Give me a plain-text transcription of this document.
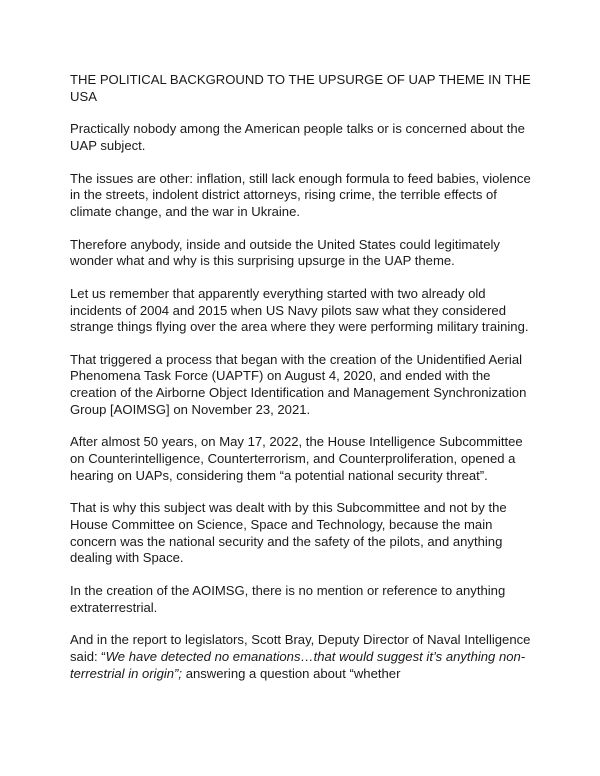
THE POLITICAL BACKGROUND TO THE UPSURGE OF UAP THEME IN THE USA

Practically nobody among the American people talks or is concerned about the UAP subject.

The issues are other: inflation, still lack enough formula to feed babies, violence in the streets, indolent district attorneys, rising crime, the terrible effects of climate change, and the war in Ukraine.

Therefore anybody, inside and outside the United States could legitimately wonder what and why is this surprising upsurge in the UAP theme.

Let us remember that apparently everything started with two already old incidents of 2004 and 2015 when US Navy pilots saw what they considered strange things flying over the area where they were performing military training.

That triggered a process that began with the creation of the Unidentified Aerial Phenomena Task Force (UAPTF) on August 4, 2020, and ended with the creation of the Airborne Object Identification and Management Synchronization Group [AOIMSG] on November 23, 2021.

After almost 50 years, on May 17, 2022, the House Intelligence Subcommittee on Counterintelligence, Counterterrorism, and Counterproliferation, opened a hearing on UAPs, considering them “a potential national security threat”.

That is why this subject was dealt with by this Subcommittee and not by the House Committee on Science, Space and Technology, because the main concern was the national security and the safety of the pilots, and anything dealing with Space.

In the creation of the AOIMSG, there is no mention or reference to anything extraterrestrial.

And in the report to legislators, Scott Bray, Deputy Director of Naval Intelligence said: “We have detected no emanations…that would suggest it’s anything non-terrestrial in origin”; answering a question about “whether
